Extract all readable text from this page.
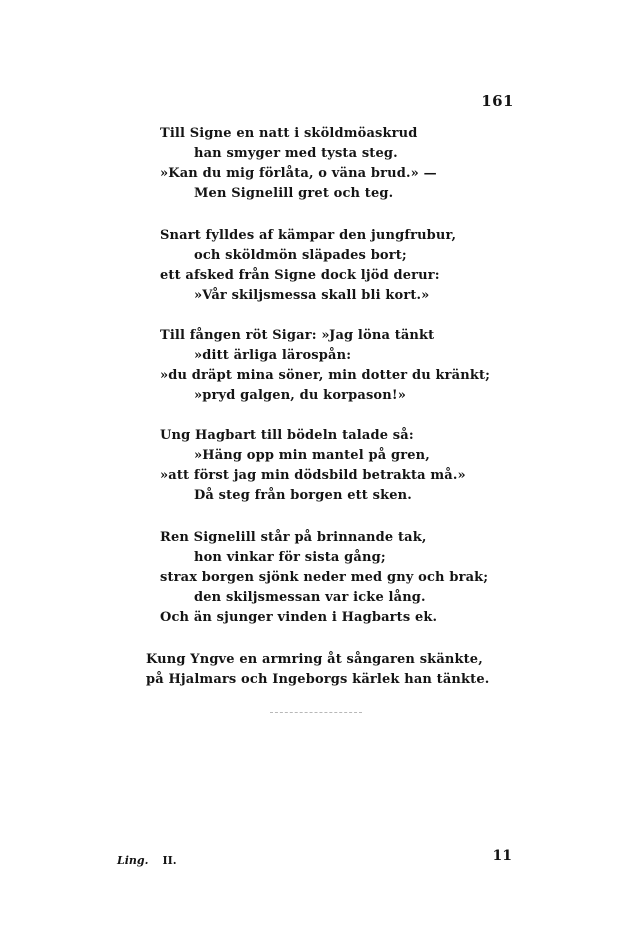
161
Till Signe en natt i sköldmöaskrud
han smyger med tysta steg.
»Kan du mig förlåta, o väna brud.» —
Men Signelill gret och teg.
Snart fylldes af kämpar den jungfrubur,
och sköldmön släpades bort;
ett afsked från Signe dock ljöd derur:
»Vår skiljsmessa skall bli kort.»
Till fången röt Sigar: »Jag löna tänkt
»ditt ärliga lärospån:
»du dräpt mina söner, min dotter du kränkt;
»pryd galgen, du korpason!»
Ung Hagbart till bödeln talade så:
»Häng opp min mantel på gren,
»att först jag min dödsbild betrakta må.»
Då steg från borgen ett sken.
Ren Signelill står på brinnande tak,
hon vinkar för sista gång;
strax borgen sjönk neder med gny och brak;
den skiljsmessan var icke lång.
Och än sjunger vinden i Hagbarts ek.
Kung Yngve en armring åt sångaren skänkte,
på Hjalmars och Ingeborgs kärlek han tänkte.
Ling. II.	11
